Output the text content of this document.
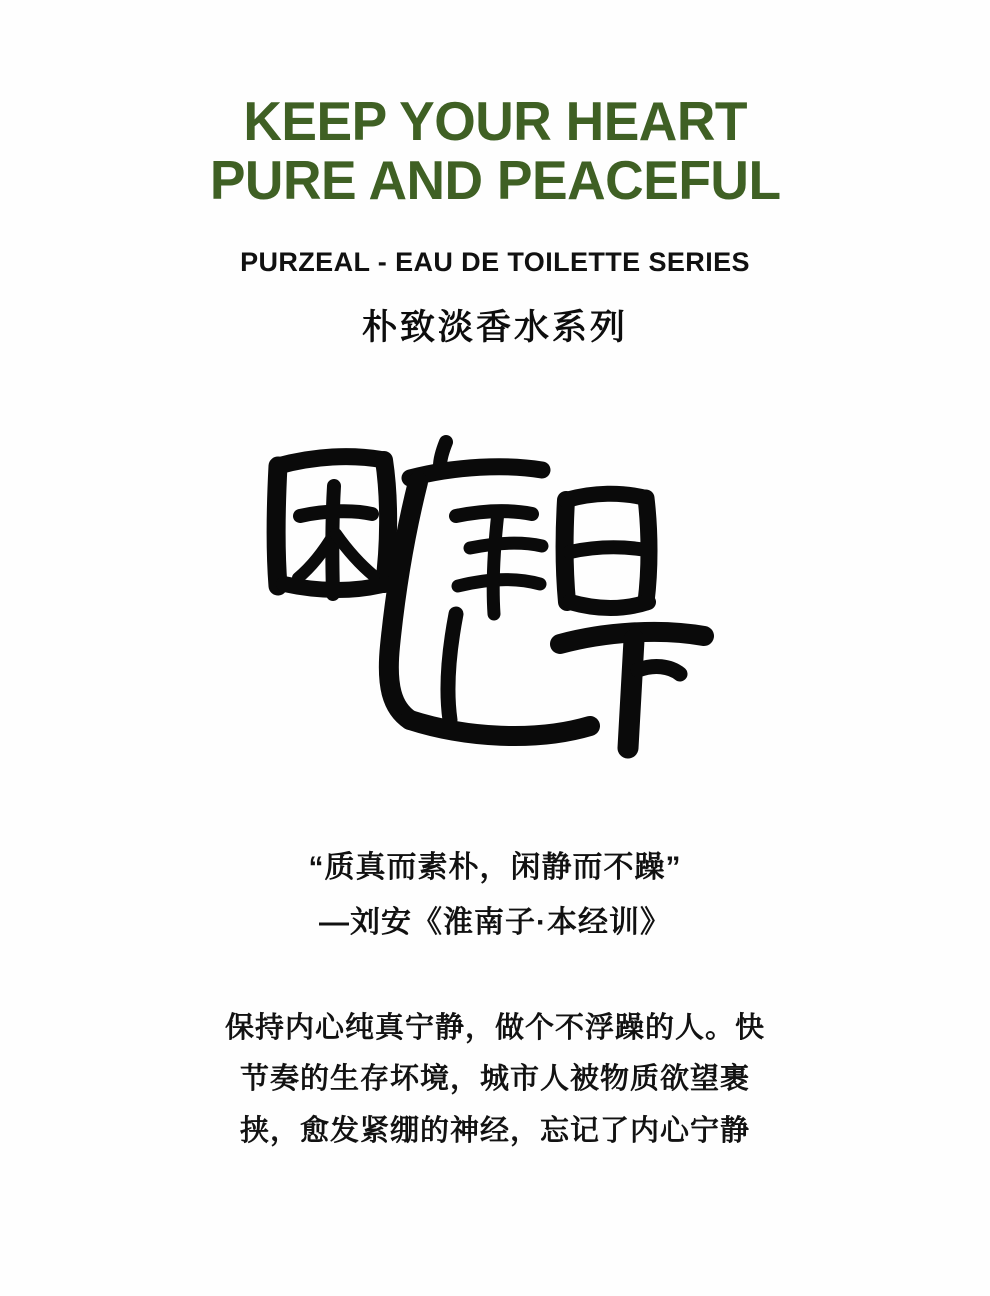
KEEP YOUR HEART
PURE AND PEACEFUL
PURZEAL - EAU DE TOILETTE SERIES
朴致淡香水系列
“质真而素朴，闲静而不躁”
—刘安《淮南子·本经训》

保持内心纯真宁静，做个不浮躁的人。快节奏的生存坏境，城市人被物质欲望裹挟，愈发紧绷的神经，忘记了内心宁静
